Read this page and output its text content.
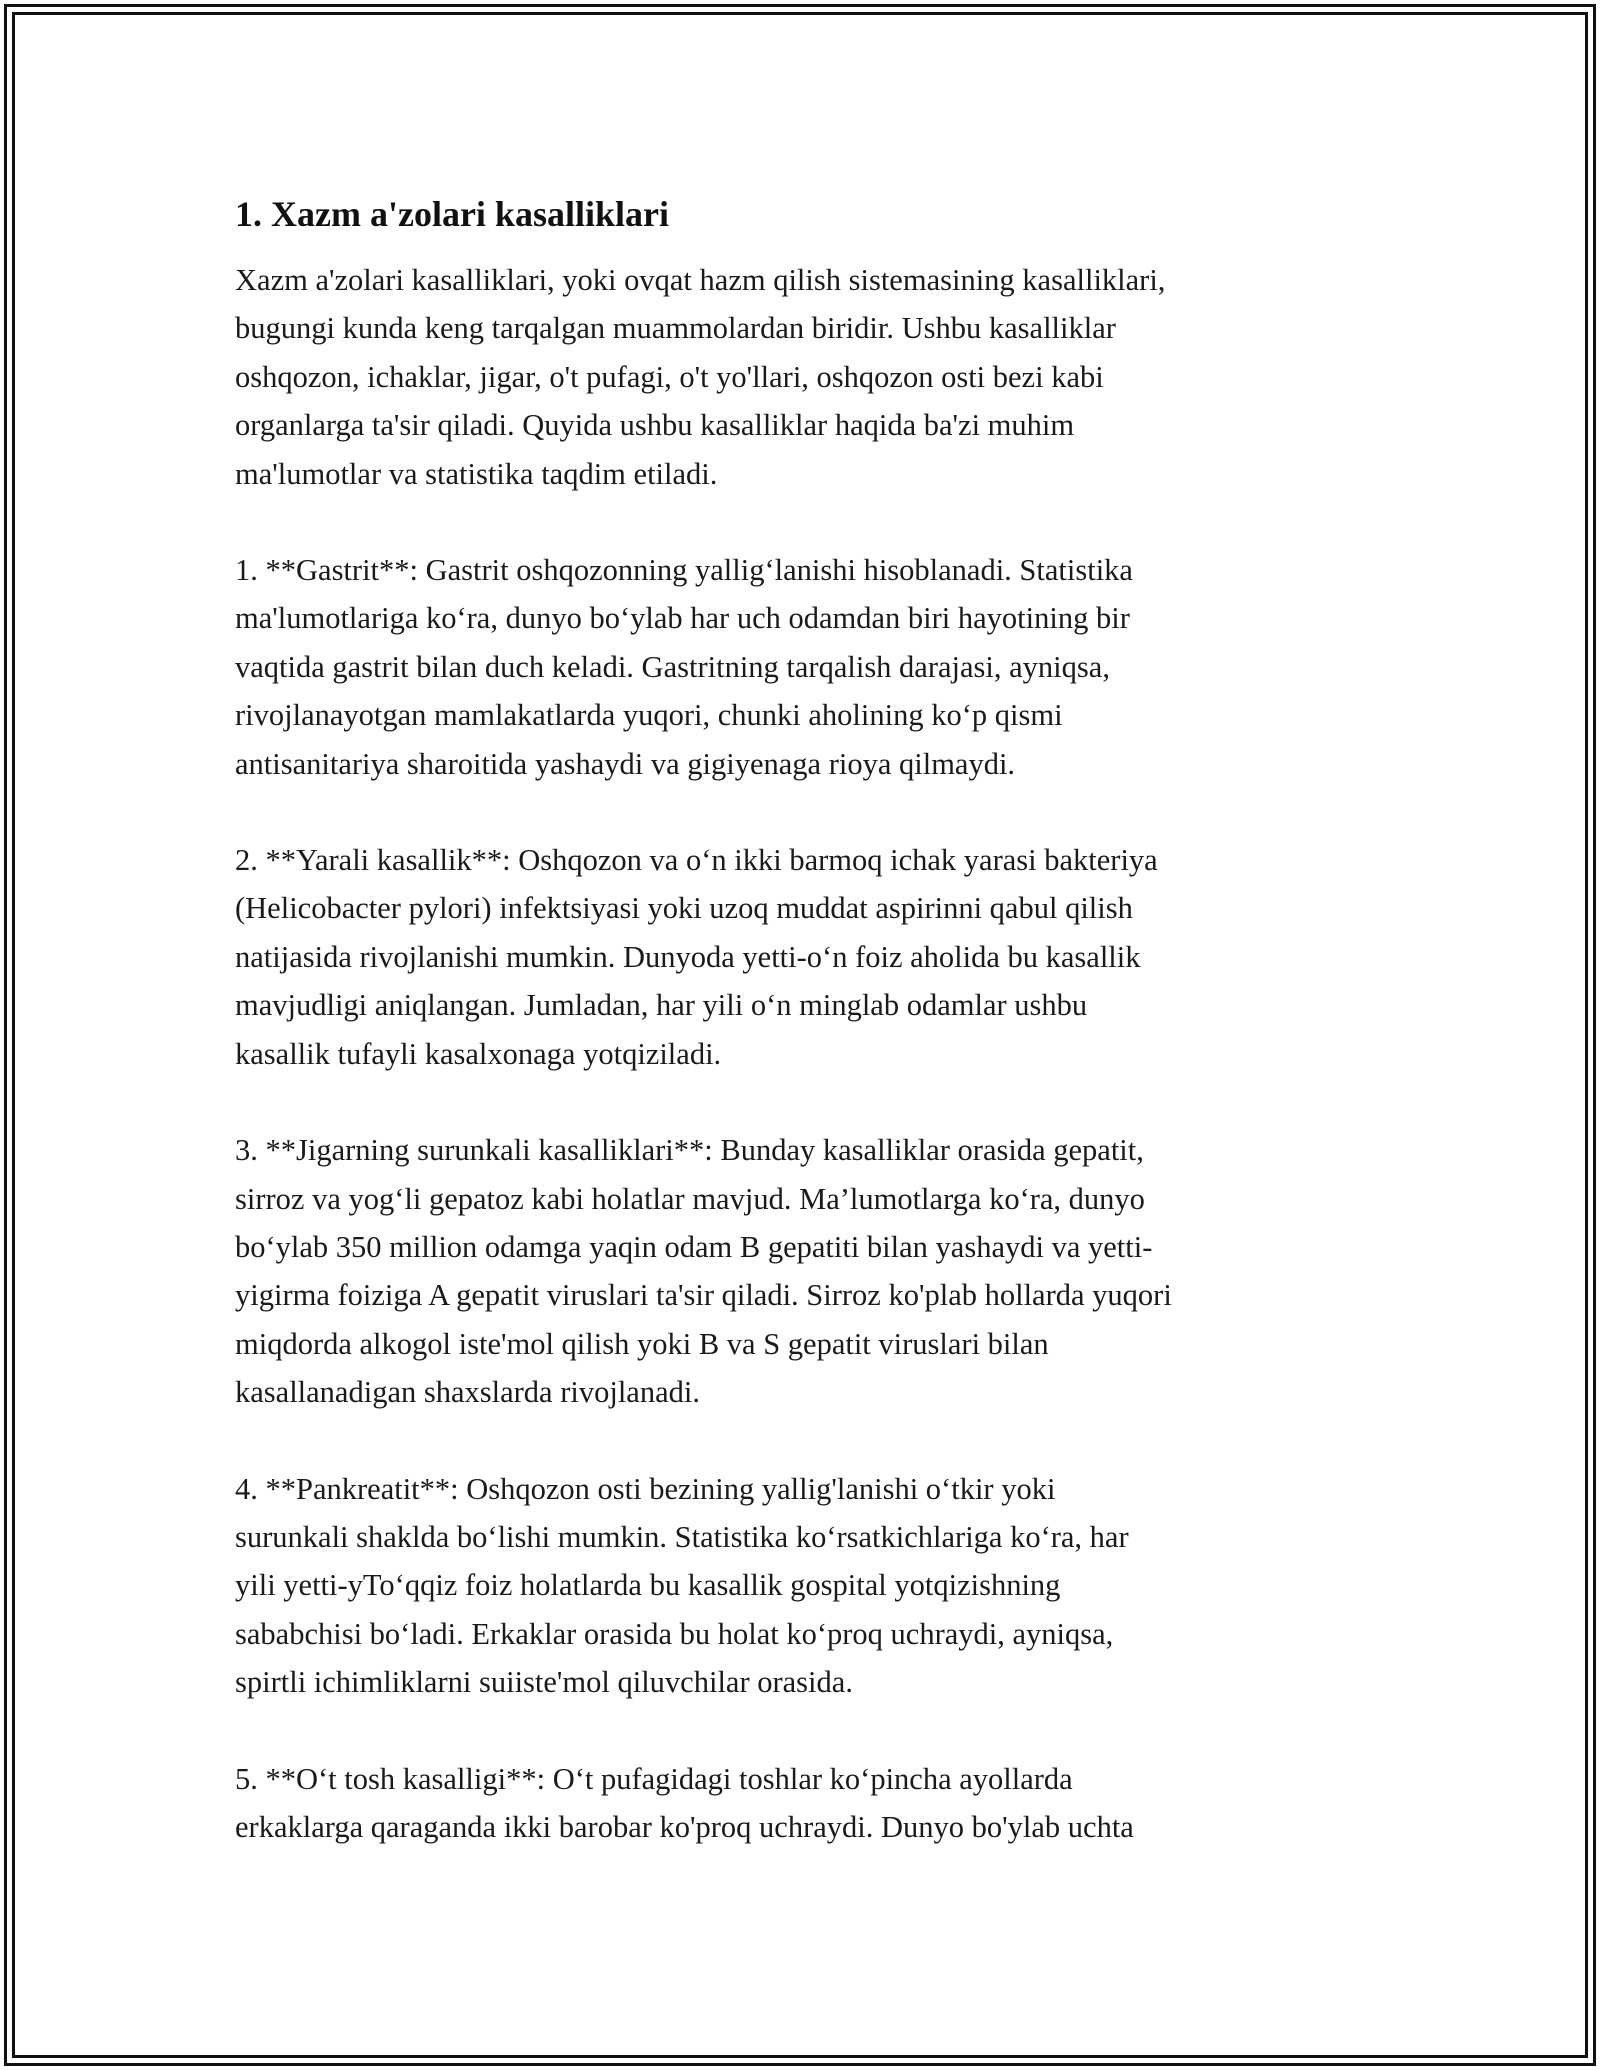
1. Xazm a'zolari kasalliklari

Xazm a'zolari kasalliklari, yoki ovqat hazm qilish sistemasining kasalliklari,
bugungi kunda keng tarqalgan muammolardan biridir. Ushbu kasalliklar
oshqozon, ichaklar, jigar, o't pufagi, o't yo'llari, oshqozon osti bezi kabi
organlarga ta'sir qiladi. Quyida ushbu kasalliklar haqida ba'zi muhim
ma'lumotlar va statistika taqdim etiladi.

1. **Gastrit**: Gastrit oshqozonning yallig‘lanishi hisoblanadi. Statistika
ma'lumotlariga ko‘ra, dunyo bo‘ylab har uch odamdan biri hayotining bir
vaqtida gastrit bilan duch keladi. Gastritning tarqalish darajasi, ayniqsa,
rivojlanayotgan mamlakatlarda yuqori, chunki aholining ko‘p qismi
antisanitariya sharoitida yashaydi va gigiyenaga rioya qilmaydi.

2. **Yarali kasallik**: Oshqozon va o‘n ikki barmoq ichak yarasi bakteriya
(Helicobacter pylori) infektsiyasi yoki uzoq muddat aspirinni qabul qilish
natijasida rivojlanishi mumkin. Dunyoda yetti-o‘n foiz aholida bu kasallik
mavjudligi aniqlangan. Jumladan, har yili o‘n minglab odamlar ushbu
kasallik tufayli kasalxonaga yotqiziladi.

3. **Jigarning surunkali kasalliklari**: Bunday kasalliklar orasida gepatit,
sirroz va yog‘li gepatoz kabi holatlar mavjud. Ma’lumotlarga ko‘ra, dunyo
bo‘ylab 350 million odamga yaqin odam B gepatiti bilan yashaydi va yetti-
yigirma foiziga A gepatit viruslari ta'sir qiladi. Sirroz ko'plab hollarda yuqori
miqdorda alkogol iste'mol qilish yoki B va S gepatit viruslari bilan
kasallanadigan shaxslarda rivojlanadi.

4. **Pankreatit**: Oshqozon osti bezining yallig'lanishi o‘tkir yoki
surunkali shaklda bo‘lishi mumkin. Statistika ko‘rsatkichlariga ko‘ra, har
yili yetti-yTo‘qqiz foiz holatlarda bu kasallik gospital yotqizishning
sababchisi bo‘ladi. Erkaklar orasida bu holat ko‘proq uchraydi, ayniqsa,
spirtli ichimliklarni suiiste'mol qiluvchilar orasida.

5. **O‘t tosh kasalligi**: O‘t pufagidagi toshlar ko‘pincha ayollarda
erkaklarga qaraganda ikki barobar ko'proq uchraydi. Dunyo bo'ylab uchta
